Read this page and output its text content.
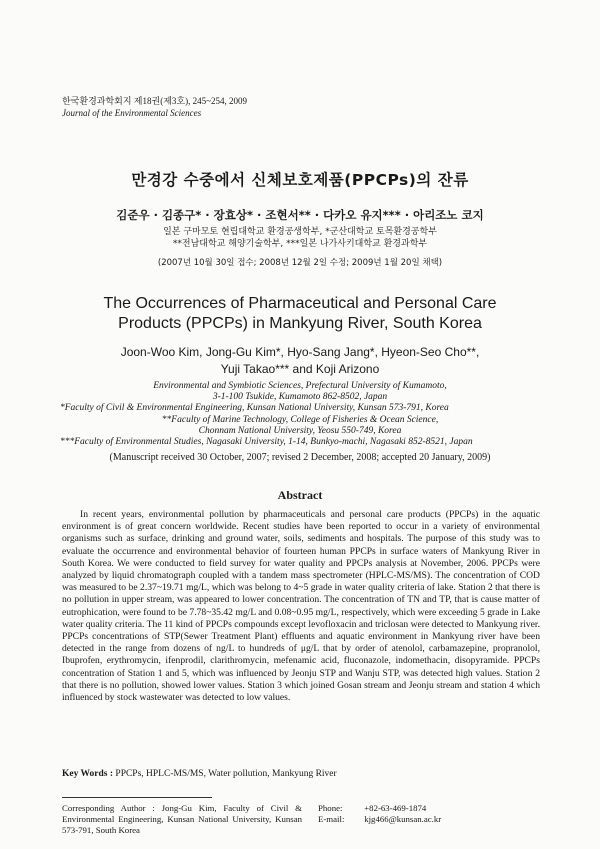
한국환경과학회지 제18권(제3호), 245~254, 2009
Journal of the Environmental Sciences
만경강 수중에서 신체보호제품(PPCPs)의 잔류
김준우 · 김종구* · 장효상* · 조현서** · 다카오 유지*** · 아리조노 코지
일본 구마모토 현립대학교 환경공생학부, *군산대학교 토목환경공학부
**전남대학교 해양기술학부, ***일본 나가사키대학교 환경과학부
(2007년 10월 30일 접수; 2008년 12월 2일 수정; 2009년 1월 20일 채택)
The Occurrences of Pharmaceutical and Personal Care
Products (PPCPs) in Mankyung River, South Korea
Joon-Woo Kim, Jong-Gu Kim*, Hyo-Sang Jang*, Hyeon-Seo Cho**,
Yuji Takao*** and Koji Arizono
Environmental and Symbiotic Sciences, Prefectural University of Kumamoto,
3-1-100 Tsukide, Kumamoto 862-8502, Japan
*Faculty of Civil & Environmental Engineering, Kunsan National University, Kunsan 573-791, Korea
**Faculty of Marine Technology, College of Fisheries & Ocean Science,
Chonnam National University, Yeosu 550-749, Korea
***Faculty of Environmental Studies, Nagasaki University, 1-14, Bunkyo-machi, Nagasaki 852-8521, Japan
(Manuscript received 30 October, 2007; revised 2 December, 2008; accepted 20 January, 2009)
Abstract
In recent years, environmental pollution by pharmaceuticals and personal care products (PPCPs) in the aquatic environment is of great concern worldwide. Recent studies have been reported to occur in a variety of environmental organisms such as surface, drinking and ground water, soils, sediments and hospitals. The purpose of this study was to evaluate the occurrence and environmental behavior of fourteen human PPCPs in surface waters of Mankyung River in South Korea. We were conducted to field survey for water quality and PPCPs analysis at November, 2006. PPCPs were analyzed by liquid chromatograph coupled with a tandem mass spectrometer (HPLC-MS/MS). The concentration of COD was measured to be 2.37~19.71 mg/L, which was belong to 4~5 grade in water quality criteria of lake. Station 2 that there is no pollution in upper stream, was appeared to lower concentration. The concentration of TN and TP, that is cause matter of eutrophication, were found to be 7.78~35.42 mg/L and 0.08~0.95 mg/L, respectively, which were exceeding 5 grade in Lake water quality criteria. The 11 kind of PPCPs compounds except levofloxacin and triclosan were detected to Mankyung river. PPCPs concentrations of STP(Sewer Treatment Plant) effluents and aquatic environment in Mankyung river have been detected in the range from dozens of ng/L to hundreds of μg/L that by order of atenolol, carbamazepine, propranolol, Ibuprofen, erythromycin, ifenprodil, clarithromycin, mefenamic acid, fluconazole, indomethacin, disopyramide. PPCPs concentration of Station 1 and 5, which was influenced by Jeonju STP and Wanju STP, was detected high values. Station 2 that there is no pollution, showed lower values. Station 3 which joined Gosan stream and Jeonju stream and station 4 which influenced by stock wastewater was detected to low values.
Key Words : PPCPs, HPLC-MS/MS, Water pollution, Mankyung River
Corresponding Author : Jong-Gu Kim, Faculty of Civil & Environmental Engineering, Kunsan National University, Kunsan 573-791, South Korea
Phone: +82-63-469-1874
E-mail: kjg466@kunsan.ac.kr
